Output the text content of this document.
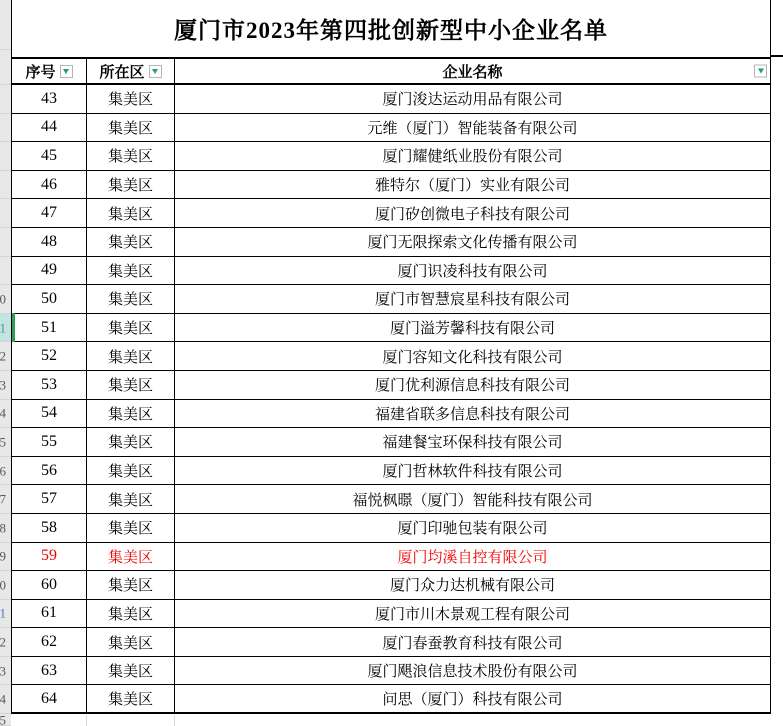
0
1
2
3
4
5
6
7
8
9
0
1
2
3
4
5
厦门市2023年第四批创新型中小企业名单
序号	所在区	企业名称
43	集美区	厦门浚达运动用品有限公司
44	集美区	元维（厦门）智能装备有限公司
45	集美区	厦门耀健纸业股份有限公司
46	集美区	雅特尔（厦门）实业有限公司
47	集美区	厦门矽创微电子科技有限公司
48	集美区	厦门无限探索文化传播有限公司
49	集美区	厦门识凌科技有限公司
50	集美区	厦门市智慧宸星科技有限公司
51	集美区	厦门溢芳馨科技有限公司
52	集美区	厦门容知文化科技有限公司
53	集美区	厦门优利源信息科技有限公司
54	集美区	福建省联多信息科技有限公司
55	集美区	福建餐宝环保科技有限公司
56	集美区	厦门哲林软件科技有限公司
57	集美区	福悦枫暻（厦门）智能科技有限公司
58	集美区	厦门印驰包装有限公司
59	集美区	厦门均溪自控有限公司
60	集美区	厦门众力达机械有限公司
61	集美区	厦门市川木景观工程有限公司
62	集美区	厦门春蚕教育科技有限公司
63	集美区	厦门飓浪信息技术股份有限公司
64	集美区	问思（厦门）科技有限公司
